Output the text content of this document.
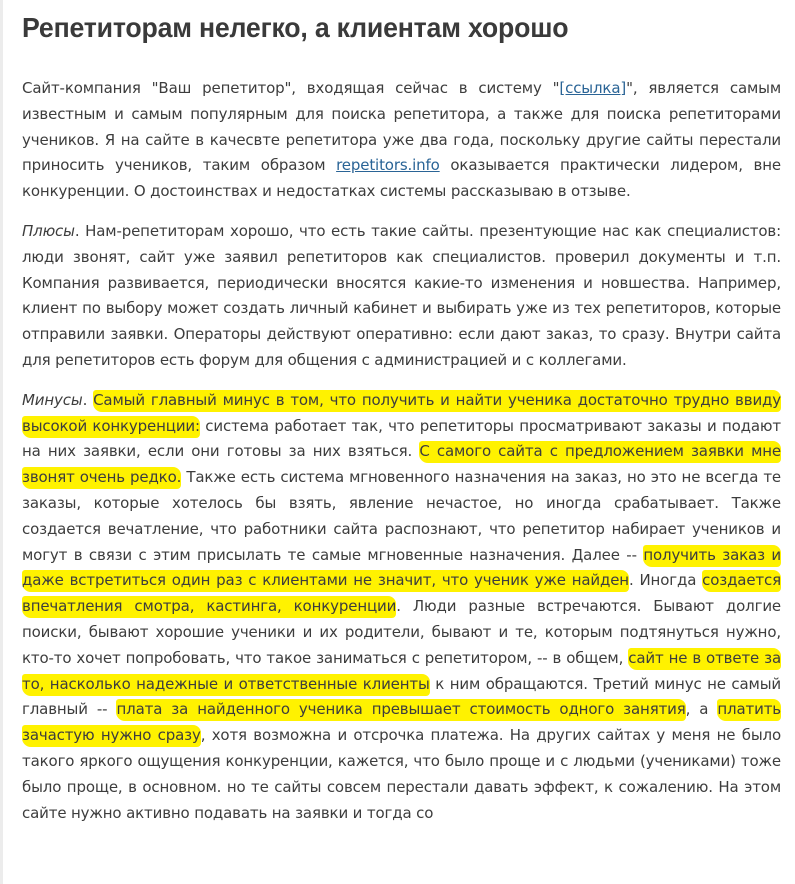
Репетиторам нелегко, а клиентам хорошо

Сайт-компания "Ваш репетитор", входящая сейчас в систему "[ссылка]", является самым известным и самым популярным для поиска репетитора, а также для поиска репетиторами учеников. Я на сайте в качесвте репетитора уже два года, поскольку другие сайты перестали приносить учеников, таким образом repetitors.info оказывается практически лидером, вне конкуренции. О достоинствах и недостатках системы рассказываю в отзыве.

Плюсы. Нам-репетиторам хорошо, что есть такие сайты. презентующие нас как специалистов: люди звонят, сайт уже заявил репетиторов как специалистов. проверил документы и т.п. Компания развивается, периодически вносятся какие-то изменения и новшества. Например, клиент по выбору может создать личный кабинет и выбирать уже из тех репетиторов, которые отправили заявки. Операторы действуют оперативно: если дают заказ, то сразу. Внутри сайта для репетиторов есть форум для общения с администрацией и с коллегами.

Минусы. Самый главный минус в том, что получить и найти ученика достаточно трудно ввиду высокой конкуренции: система работает так, что репетиторы просматривают заказы и подают на них заявки, если они готовы за них взяться. С самого сайта с предложением заявки мне звонят очень редко. Также есть система мгновенного назначения на заказ, но это не всегда те заказы, которые хотелось бы взять, явление нечастое, но иногда срабатывает. Также создается вечатление, что работники сайта распознают, что репетитор набирает учеников и могут в связи с этим присылать те самые мгновенные назначения. Далее -- получить заказ и даже встретиться один раз с клиентами не значит, что ученик уже найден. Иногда создается впечатления смотра, кастинга, конкуренции. Люди разные встречаются. Бывают долгие поиски, бывают хорошие ученики и их родители, бывают и те, которым подтянуться нужно, кто-то хочет попробовать, что такое заниматься с репетитором, -- в общем, сайт не в ответе за то, насколько надежные и ответственные клиенты к ним обращаются. Третий минус не самый главный -- плата за найденного ученика превышает стоимость одного занятия, а платить зачастую нужно сразу, хотя возможна и отсрочка платежа. На других сайтах у меня не было такого яркого ощущения конкуренции, кажется, что было проще и с людьми (учениками) тоже было проще, в основном. но те сайты совсем перестали давать эффект, к сожалению. На этом сайте нужно активно подавать на заявки и тогда со
